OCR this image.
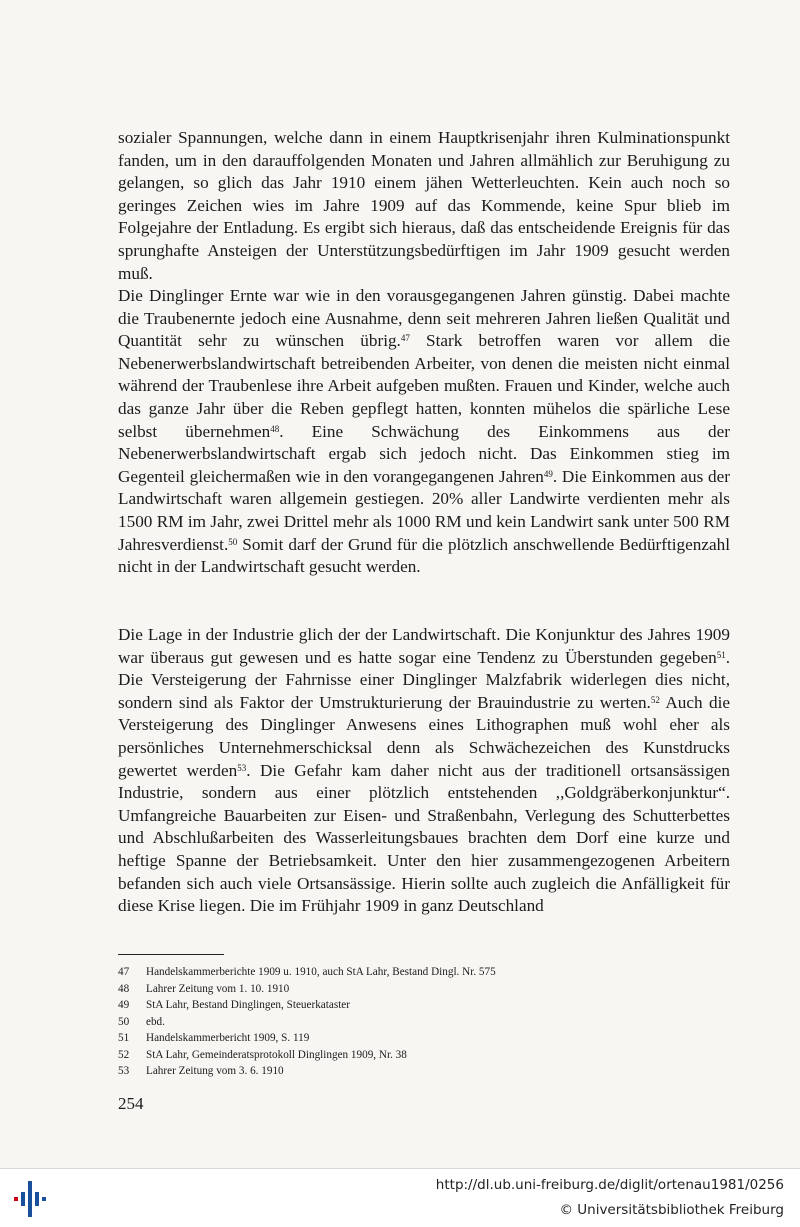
sozialer Spannungen, welche dann in einem Hauptkrisenjahr ihren Kulminationspunkt fanden, um in den darauffolgenden Monaten und Jahren allmählich zur Beruhigung zu gelangen, so glich das Jahr 1910 einem jähen Wetterleuchten. Kein auch noch so geringes Zeichen wies im Jahre 1909 auf das Kommende, keine Spur blieb im Folgejahre der Entladung. Es ergibt sich hieraus, daß das entscheidende Ereignis für das sprunghafte Ansteigen der Unterstützungsbedürftigen im Jahr 1909 gesucht werden muß.

Die Dinglinger Ernte war wie in den vorausgegangenen Jahren günstig. Dabei machte die Traubenernte jedoch eine Ausnahme, denn seit mehreren Jahren ließen Qualität und Quantität sehr zu wünschen übrig.$^{47}$ Stark betroffen waren vor allem die Nebenerwerbslandwirtschaft betreibenden Arbeiter, von denen die meisten nicht einmal während der Traubenlese ihre Arbeit aufgeben mußten. Frauen und Kinder, welche auch das ganze Jahr über die Reben gepflegt hatten, konnten mühelos die spärliche Lese selbst übernehmen$^{48}$. Eine Schwächung des Einkommens aus der Nebenerwerbslandwirtschaft ergab sich jedoch nicht. Das Einkommen stieg im Gegenteil gleichermaßen wie in den vorangegangenen Jahren$^{49}$. Die Einkommen aus der Landwirtschaft waren allgemein gestiegen. 20% aller Landwirte verdienten mehr als 1500 RM im Jahr, zwei Drittel mehr als 1000 RM und kein Landwirt sank unter 500 RM Jahresverdienst.$^{50}$ Somit darf der Grund für die plötzlich anschwellende Bedürftigenzahl nicht in der Landwirtschaft gesucht werden.

Die Lage in der Industrie glich der der Landwirtschaft. Die Konjunktur des Jahres 1909 war überaus gut gewesen und es hatte sogar eine Tendenz zu Überstunden gegeben$^{51}$. Die Versteigerung der Fahrnisse einer Dinglinger Malzfabrik widerlegen dies nicht, sondern sind als Faktor der Umstrukturierung der Brauindustrie zu werten.$^{52}$ Auch die Versteigerung des Dinglinger Anwesens eines Lithographen muß wohl eher als persönliches Unternehmerschicksal denn als Schwächezeichen des Kunstdrucks gewertet werden$^{53}$. Die Gefahr kam daher nicht aus der traditionell ortsansässigen Industrie, sondern aus einer plötzlich entstehenden ,,Goldgräberkonjunktur“. Umfangreiche Bauarbeiten zur Eisen- und Straßenbahn, Verlegung des Schutterbettes und Abschlußarbeiten des Wasserleitungsbaues brachten dem Dorf eine kurze und heftige Spanne der Betriebsamkeit. Unter den hier zusammengezogenen Arbeitern befanden sich auch viele Ortsansässige. Hierin sollte auch zugleich die Anfälligkeit für diese Krise liegen. Die im Frühjahr 1909 in ganz Deutschland

47	Handelskammerberichte 1909 u. 1910, auch StA Lahr, Bestand Dingl. Nr. 575
48	Lahrer Zeitung vom 1. 10. 1910
49	StA Lahr, Bestand Dinglingen, Steuerkataster
50	ebd.
51	Handelskammerbericht 1909, S. 119
52	StA Lahr, Gemeinderatsprotokoll Dinglingen 1909, Nr. 38
53	Lahrer Zeitung vom 3. 6. 1910
254
http://dl.ub.uni-freiburg.de/diglit/ortenau1981/0256
© Universitätsbibliothek Freiburg
